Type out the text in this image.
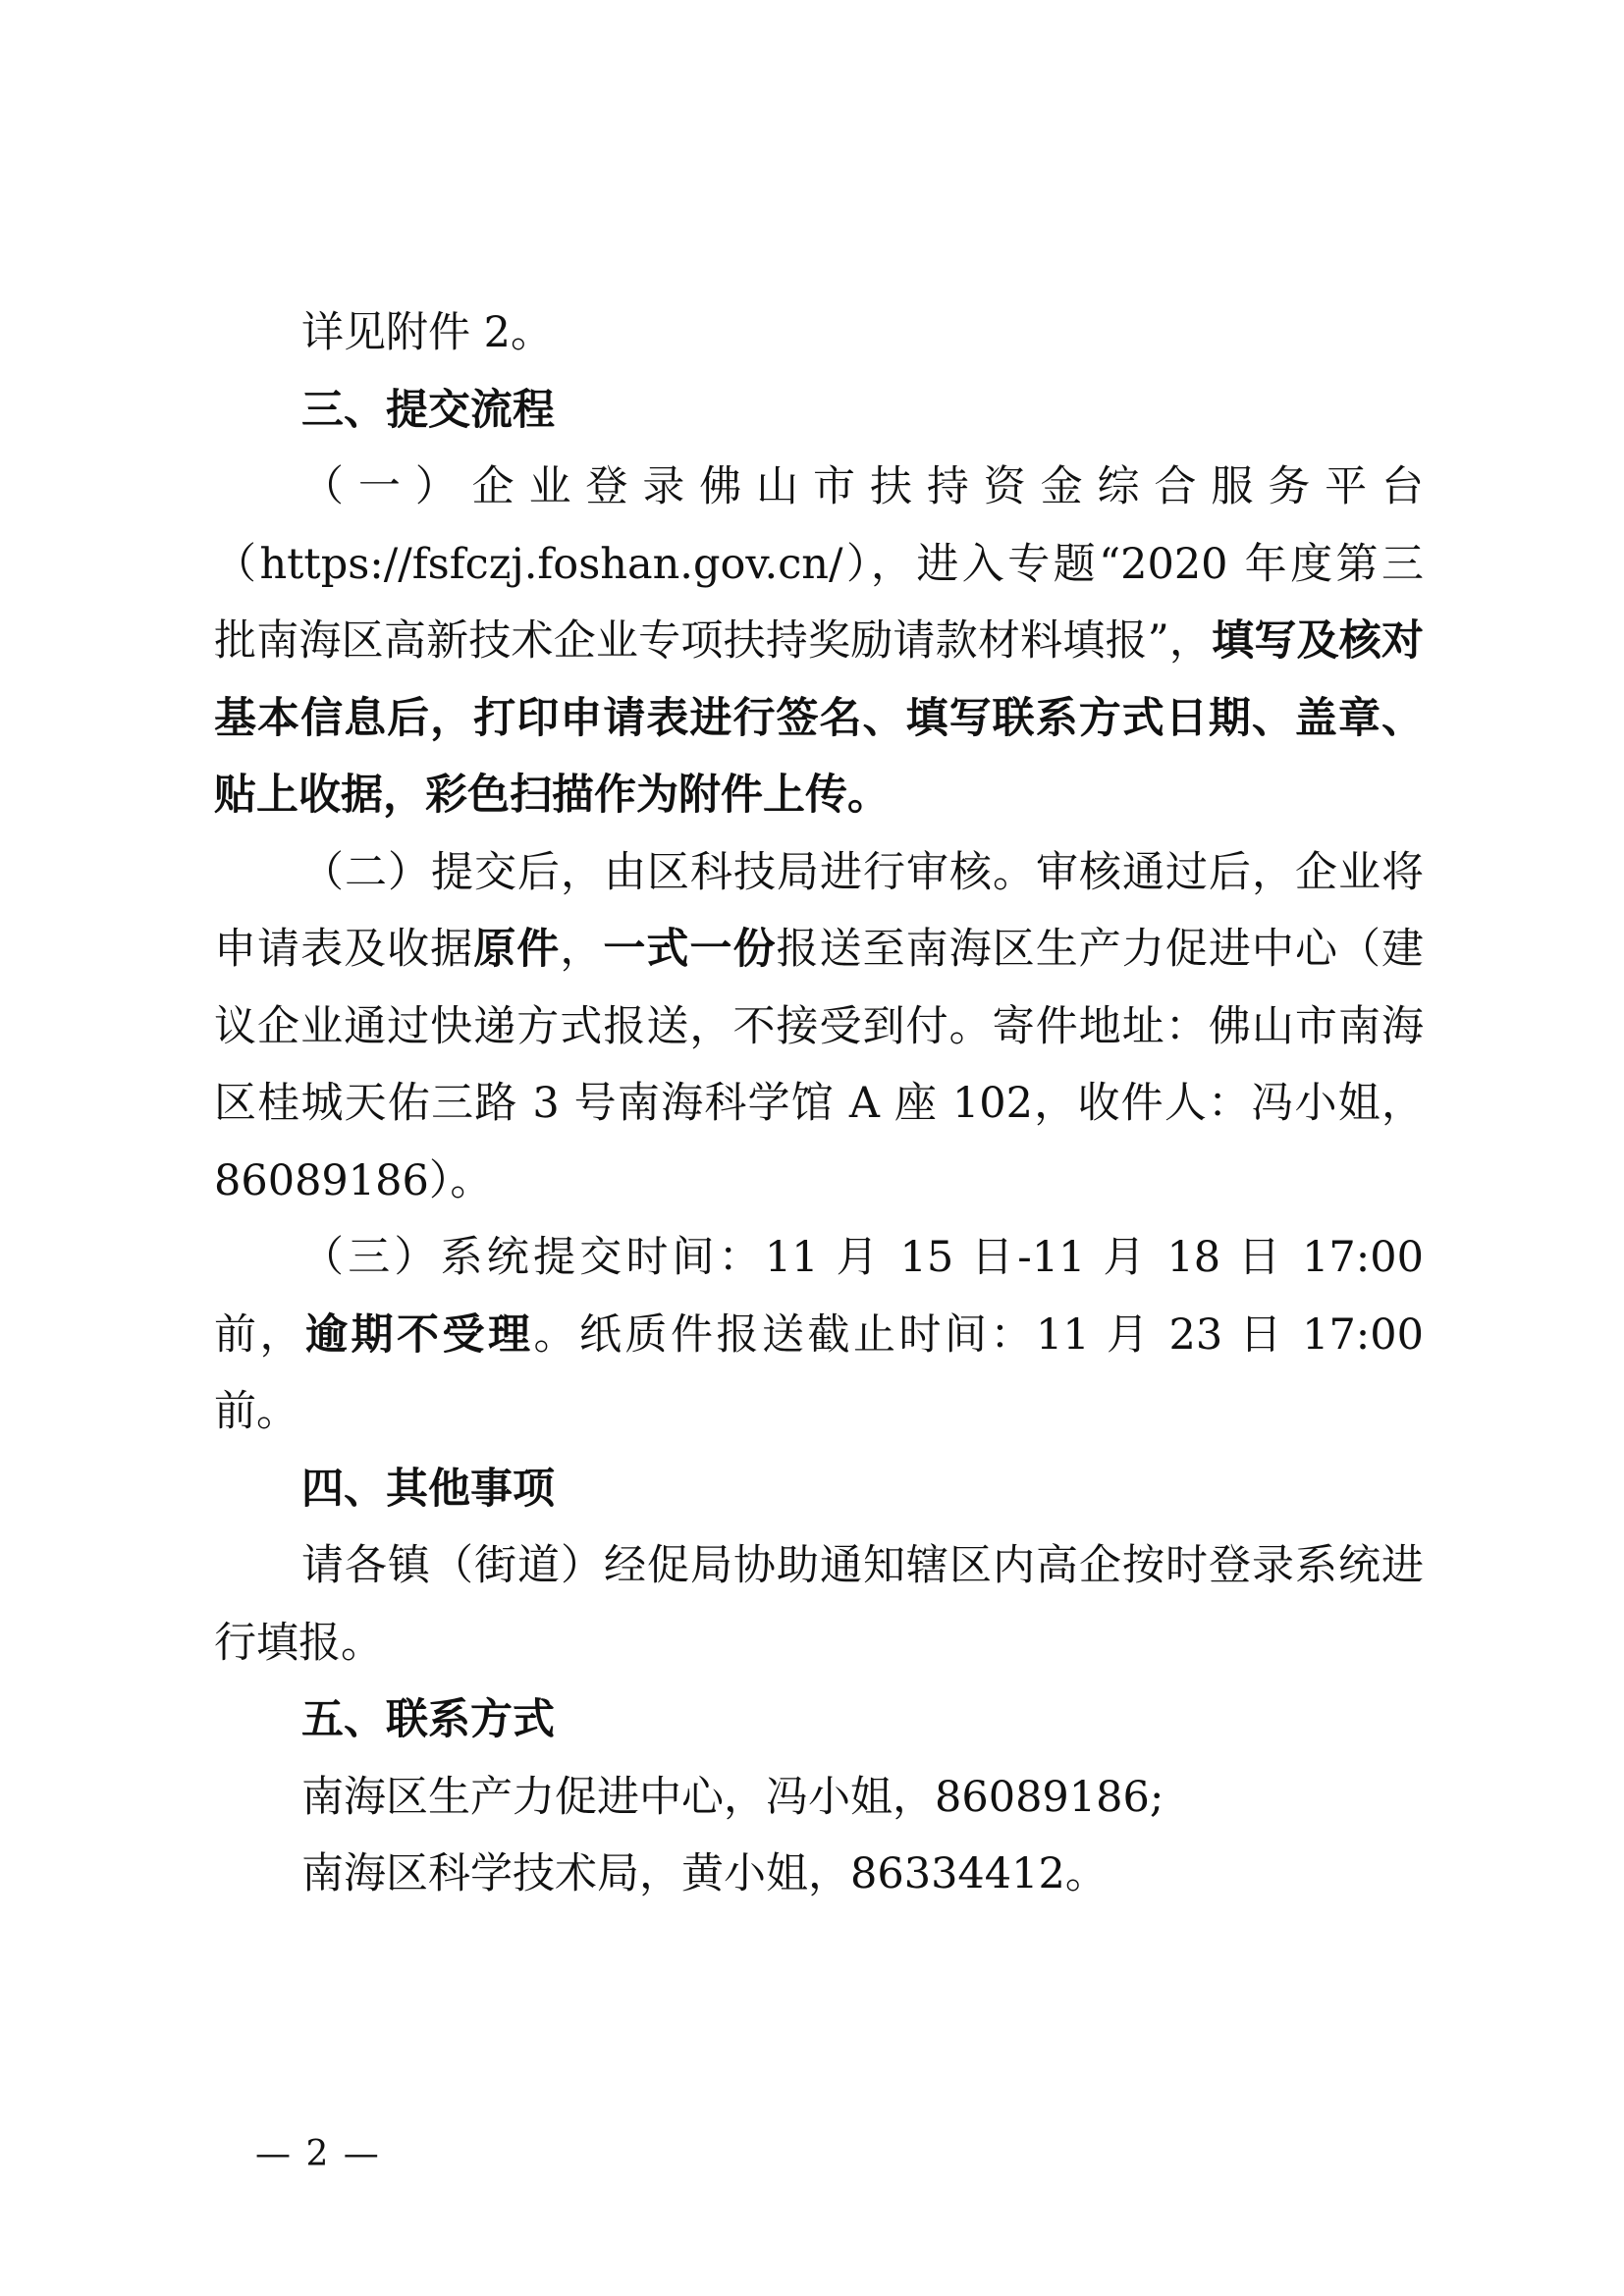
详见附件 2。

三、提交流程

（一）企业登录佛山市扶持资金综合服务平台（https://fsfczj.foshan.gov.cn/），进入专题“2020 年度第三批南海区高新技术企业专项扶持奖励请款材料填报”，填写及核对基本信息后，打印申请表进行签名、填写联系方式日期、盖章、贴上收据，彩色扫描作为附件上传。

（二）提交后，由区科技局进行审核。审核通过后，企业将申请表及收据原件，一式一份报送至南海区生产力促进中心（建议企业通过快递方式报送，不接受到付。寄件地址：佛山市南海区桂城天佑三路 3 号南海科学馆 A 座 102，收件人：冯小姐，86089186）。

（三）系统提交时间：11 月 15 日-11 月 18 日 17:00 前，逾期不受理。纸质件报送截止时间：11 月 23 日 17:00 前。

四、其他事项

请各镇（街道）经促局协助通知辖区内高企按时登录系统进行填报。

五、联系方式

南海区生产力促进中心，冯小姐，86089186;

南海区科学技术局，黄小姐，86334412。

— 2 —
